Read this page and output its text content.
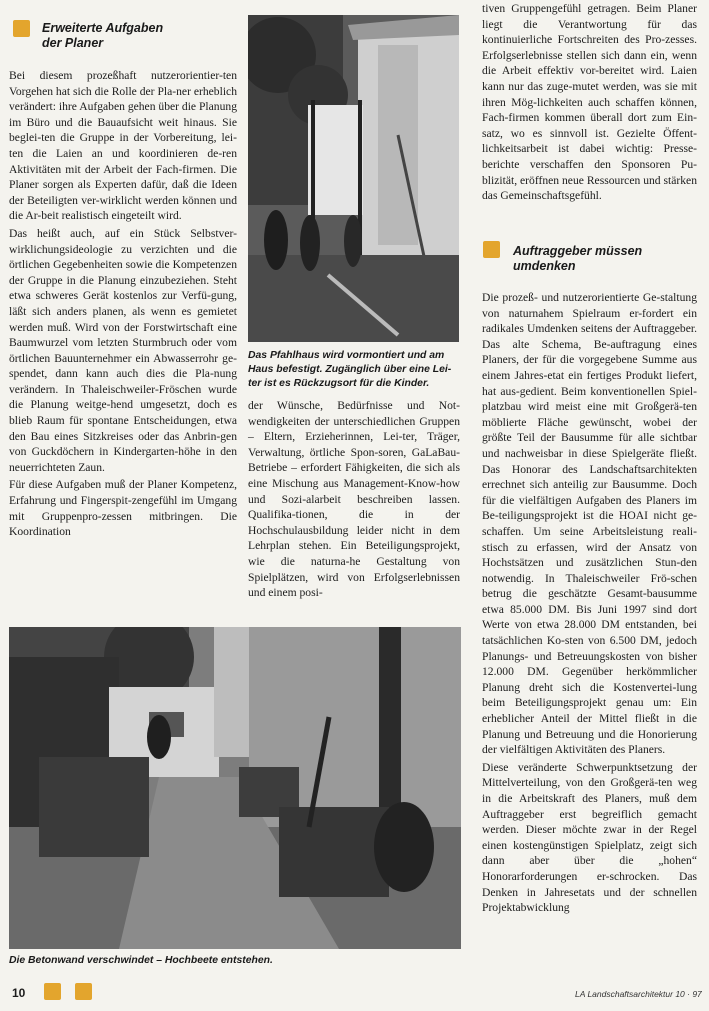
Erweiterte Aufgaben
der Planer

Bei diesem prozeßhaft nutzerorientier-ten Vorgehen hat sich die Rolle der Pla-ner erheblich verändert: ihre Aufgaben gehen über die Planung im Büro und die Bauaufsicht weit hinaus. Sie beglei-ten die Gruppe in der Vorbereitung, lei-ten die Laien an und koordinieren de-ren Aktivitäten mit der Arbeit der Fach-firmen. Die Planer sorgen als Experten dafür, daß die Ideen der Beteiligten ver-wirklicht werden können und die Ar-beit realistisch eingeteilt wird.

Das heißt auch, auf ein Stück Selbstver-wirklichungsideologie zu verzichten und die örtlichen Gegebenheiten sowie die Kompetenzen der Gruppe in die Planung einzubeziehen. Steht etwa schweres Gerät kostenlos zur Verfü-gung, läßt sich anders planen, als wenn es gemietet werden muß. Wird von der Forstwirtschaft eine Baumwurzel vom letzten Sturmbruch oder vom örtlichen Bauunternehmer ein Abwasserrohr ge-spendet, dann kann auch dies die Pla-nung verändern. In Thaleischweiler-Fröschen wurde die Planung weitge-hend umgesetzt, doch es blieb Raum für spontane Entscheidungen, etwa den Bau eines Sitzkreises oder das Anbrin-gen von Guckdöchern in Kindergarten-höhe in den neuerrichteten Zaun.

Für diese Aufgaben muß der Planer Kompetenz, Erfahrung und Fingerspit-zengefühl im Umgang mit Gruppenpro-zessen mitbringen. Die Koordination

Das Pfahlhaus wird vormontiert und am Haus befestigt. Zugänglich über eine Lei-ter ist es Rückzugsort für die Kinder.

der Wünsche, Bedürfnisse und Not-wendigkeiten der unterschiedlichen Gruppen – Eltern, Erzieherinnen, Lei-ter, Träger, Verwaltung, örtliche Spon-soren, GaLaBau-Betriebe – erfordert Fähigkeiten, die sich als eine Mischung aus Management-Know-how und Sozi-alarbeit beschreiben lassen. Qualifika-tionen, die in der Hochschulausbildung leider nicht in dem Lehrplan stehen. Ein Beteiligungsprojekt, wie die naturna-he Gestaltung von Spielplätzen, wird von Erfolgserlebnissen und einem posi-

tiven Gruppengefühl getragen. Beim Planer liegt die Verantwortung für das kontinuierliche Fortschreiten des Pro-zesses. Erfolgserlebnisse stellen sich dann ein, wenn die Arbeit effektiv vor-bereitet wird. Laien kann nur das zuge-mutet werden, was sie mit ihren Mög-lichkeiten auch schaffen können, Fach-firmen kommen überall dort zum Ein-satz, wo es sinnvoll ist. Gezielte Öffent-lichkeitsarbeit ist dabei wichtig: Presse-berichte verschaffen den Sponsoren Pu-blizität, eröffnen neue Ressourcen und stärken das Gemeinschaftsgefühl.

Auftraggeber müssen
umdenken

Die prozeß- und nutzerorientierte Ge-staltung von naturnahem Spielraum er-fordert ein radikales Umdenken seitens der Auftraggeber. Das alte Schema, Be-auftragung eines Planers, der für die vorgegebene Summe aus einem Jahres-etat ein fertiges Produkt liefert, hat aus-gedient. Beim konventionellen Spiel-platzbau wird meist eine mit Großgerä-ten möblierte Fläche gewünscht, wobei der größte Teil der Bausumme für alle sichtbar und nachweisbar in diese Spielgeräte fließt. Das Honorar des Landschaftsarchitekten errechnet sich anteilig zur Bausumme. Doch für die vielfältigen Aufgaben des Planers im Be-teiligungsprojekt ist die HOAI nicht ge-schaffen. Um seine Arbeitsleistung reali-stisch zu erfassen, wird der Ansatz von Hochstsätzen und zusätzlichen Stun-den notwendig. In Thaleischweiler Frö-schen betrug die geschätzte Gesamt-bausumme etwa 85.000 DM. Bis Juni 1997 sind dort Werte von etwa 28.000 DM entstanden, bei tatsächlichen Ko-sten von 6.500 DM, jedoch Planungs- und Betreuungskosten von bisher 12.000 DM. Gegenüber herkömmlicher Planung dreht sich die Kostenvertei-lung beim Beteiligungsprojekt genau um: Ein erheblicher Anteil der Mittel fließt in die Planung und Betreuung und die Honorierung der vielfältigen Aktivitäten des Planers.

Diese veränderte Schwerpunktsetzung der Mittelverteilung, von den Großgerä-ten weg in die Arbeitskraft des Planers, muß dem Auftraggeber erst begreiflich gemacht werden. Dieser möchte zwar in der Regel einen kostengünstigen Spielplatz, zeigt sich dann aber über die „hohen“ Honorarforderungen er-schrocken. Das Denken in Jahresetats und der schnellen Projektabwicklung

Die Betonwand verschwindet – Hochbeete entstehen.
10	LA Landschaftsarchitektur 10 · 97
